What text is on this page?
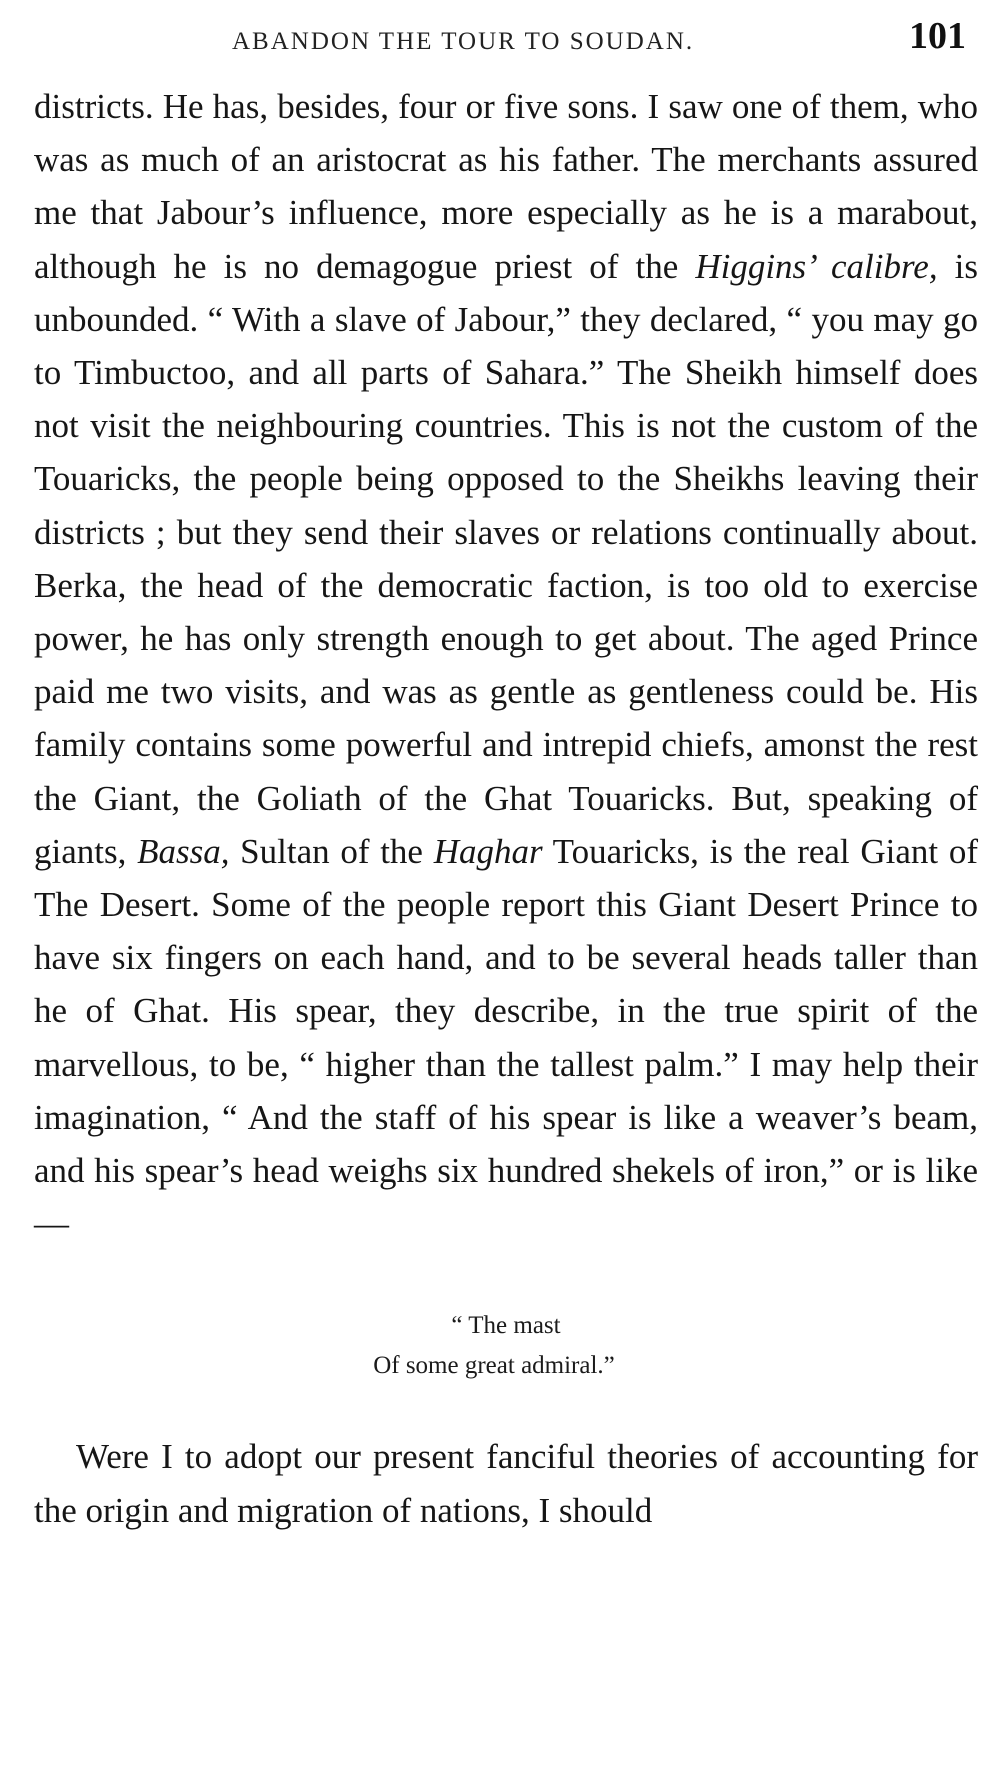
ABANDON THE TOUR TO SOUDAN.	101

districts. He has, besides, four or five sons. I saw one of them, who was as much of an aristocrat as his father. The merchants assured me that Jabour’s influence, more especially as he is a marabout, although he is no demagogue priest of the Higgins’ calibre, is unbounded. “ With a slave of Jabour,” they declared, “ you may go to Timbuctoo, and all parts of Sahara.” The Sheikh himself does not visit the neighbouring countries. This is not the custom of the Touaricks, the people being opposed to the Sheikhs leaving their districts ; but they send their slaves or relations continually about. Berka, the head of the democratic faction, is too old to exercise power, he has only strength enough to get about. The aged Prince paid me two visits, and was as gentle as gentleness could be. His family contains some powerful and intrepid chiefs, amonst the rest the Giant, the Goliath of the Ghat Touaricks. But, speaking of giants, Bassa, Sultan of the Haghar Touaricks, is the real Giant of The Desert. Some of the people report this Giant Desert Prince to have six fingers on each hand, and to be several heads taller than he of Ghat. His spear, they describe, in the true spirit of the marvellous, to be, “ higher than the tallest palm.” I may help their imagination, “ And the staff of his spear is like a weaver’s beam, and his spear’s head weighs six hundred shekels of iron,” or is like—

“ The mast
Of some great admiral.”

Were I to adopt our present fanciful theories of accounting for the origin and migration of nations, I should
